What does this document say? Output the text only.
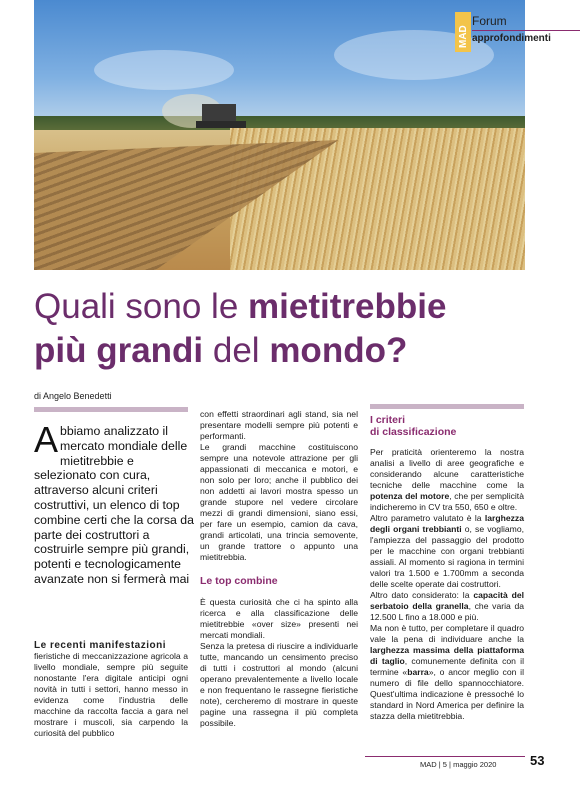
MAD
Forum
approfondimenti
Quali sono le mietitrebbie
più grandi del mondo?
di Angelo Benedetti
Abbiamo analizzato il mercato mondiale delle mietitrebbie e selezionato con cura, attraverso alcuni criteri costruttivi, un elenco di top combine certi che la corsa da parte dei costruttori a costruirle sempre più grandi, potenti e tecnologicamente avanzate non si fermerà mai

Le recenti manifestazioni

fieristiche di meccanizzazione agricola a livello mondiale, sempre più seguite nonostante l'era digitale anticipi ogni novità in tutti i settori, hanno messo in evidenza come l'industria delle macchine da raccolta faccia a gara nel mostrare i muscoli, sia carpendo la curiosità del pubblico

con effetti straordinari agli stand, sia nel presentare modelli sempre più potenti e performanti.

Le grandi macchine costituiscono sempre una notevole attrazione per gli appassionati di meccanica e motori, e non solo per loro; anche il pubblico dei non addetti ai lavori mostra spesso un grande stupore nel vedere circolare mezzi di grandi dimensioni, siano essi, per fare un esempio, camion da cava, grandi articolati, una trincia semovente, un grande trattore o appunto una mietitrebbia.

Le top combine

È questa curiosità che ci ha spinto alla ricerca e alla classificazione delle mietitrebbie «over size» presenti nei mercati mondiali.

Senza la pretesa di riuscire a individuarle tutte, mancando un censimento preciso di tutti i costruttori al mondo (alcuni operano prevalentemente a livello locale e non frequentano le rassegne fieristiche note), cercheremo di mostrare in queste pagine una rassegna il più completa possibile.

I criteri

di classificazione

Per praticità orienteremo la nostra analisi a livello di aree geografiche e considerando alcune caratteristiche tecniche delle macchine come la potenza del motore, che per semplicità indicheremo in CV tra 550, 650 e oltre.

Altro parametro valutato è la larghezza degli organi trebbianti o, se vogliamo, l'ampiezza del passaggio del prodotto per le macchine con organi trebbianti assiali. Al momento si ragiona in termini valori tra 1.500 e 1.700mm a seconda delle scelte operate dai costruttori.

Altro dato considerato: la capacità del serbatoio della granella, che varia da 12.500 L fino a 18.000 e più.

Ma non è tutto, per completare il quadro vale la pena di individuare anche la larghezza massima della piattaforma di taglio, comunemente definita con il termine «barra», o ancor meglio con il numero di file dello spannocchiatore. Quest'ultima indicazione è pressoché lo standard in Nord America per definire la stazza della mietitrebbia.

MAD | 5 | maggio 2020	53
